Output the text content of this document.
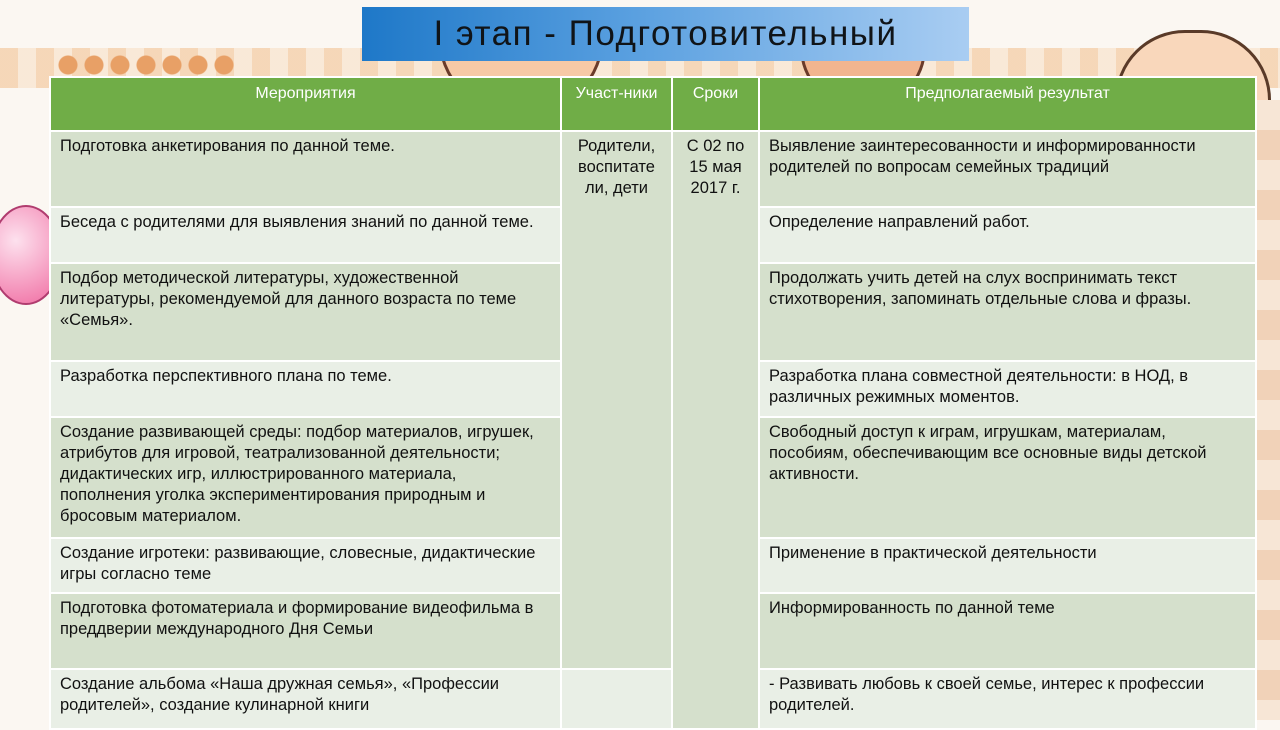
I этап - Подготовительный
Мероприятия	Участ-ники	Сроки	Предполагаемый результат
Подготовка анкетирования по данной теме.	Родители, воспитате ли, дети	С 02 по 15 мая 2017 г.	Выявление заинтересованности и информированности родителей по вопросам семейных традиций
Беседа с родителями для выявления знаний по данной теме.			Определение направлений работ.
Подбор методической литературы, художественной литературы, рекомендуемой для данного возраста по теме «Семья».			Продолжать учить детей на слух воспринимать текст стихотворения, запоминать отдельные слова и фразы.
Разработка перспективного плана по теме.			Разработка плана совместной деятельности: в НОД, в различных режимных моментов.
Создание развивающей среды: подбор материалов, игрушек, атрибутов для игровой, театрализованной деятельности; дидактических игр, иллюстрированного материала, пополнения уголка экспериментирования природным и бросовым материалом.			Свободный доступ к играм, игрушкам, материалам, пособиям, обеспечивающим все основные виды детской активности.
Создание игротеки: развивающие, словесные, дидактические игры согласно теме			Применение в практической деятельности
Подготовка фотоматериала и формирование видеофильма в преддверии международного Дня Семьи			Информированность по данной теме
Создание альбома «Наша дружная семья», «Профессии родителей», создание кулинарной книги			- Развивать любовь к своей семье, интерес к профессии родителей.
